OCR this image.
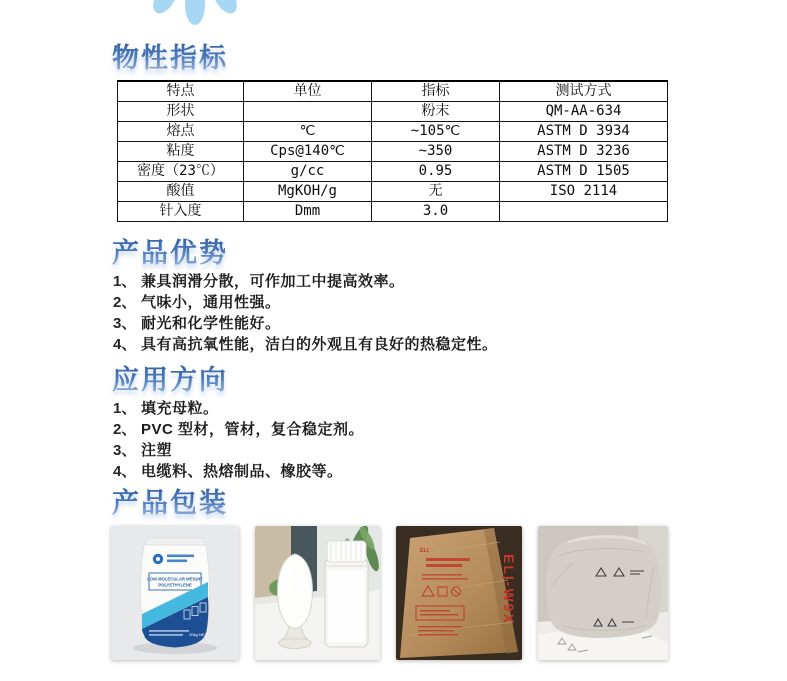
物性指标
特点	单位	指标	测试方式
形状		粉末	QM-AA-634
熔点	℃	~105℃	ASTM D 3934
粘度	Cps@140℃	~350	ASTM D 3236
密度（23℃）	g/cc	0.95	ASTM D 1505
酸值	MgKOH/g	无	ISO 2114
针入度	Dmm	3.0	
产品优势
1、 兼具润滑分散，可作加工中提高效率。
2、 气味小，通用性强。
3、 耐光和化学性能好。
4、 具有高抗氧性能，洁白的外观且有良好的热稳定性。
应用方向
1、 填充母粒。
2、 PVC 型材，管材，复合稳定剂。
3、 注塑
4、 电缆料、热熔制品、橡胶等。
产品包装
LOW MOLECULAR WEIGHT
POLYETHYLENE
20kg NET
ELI
ELI-W9X
